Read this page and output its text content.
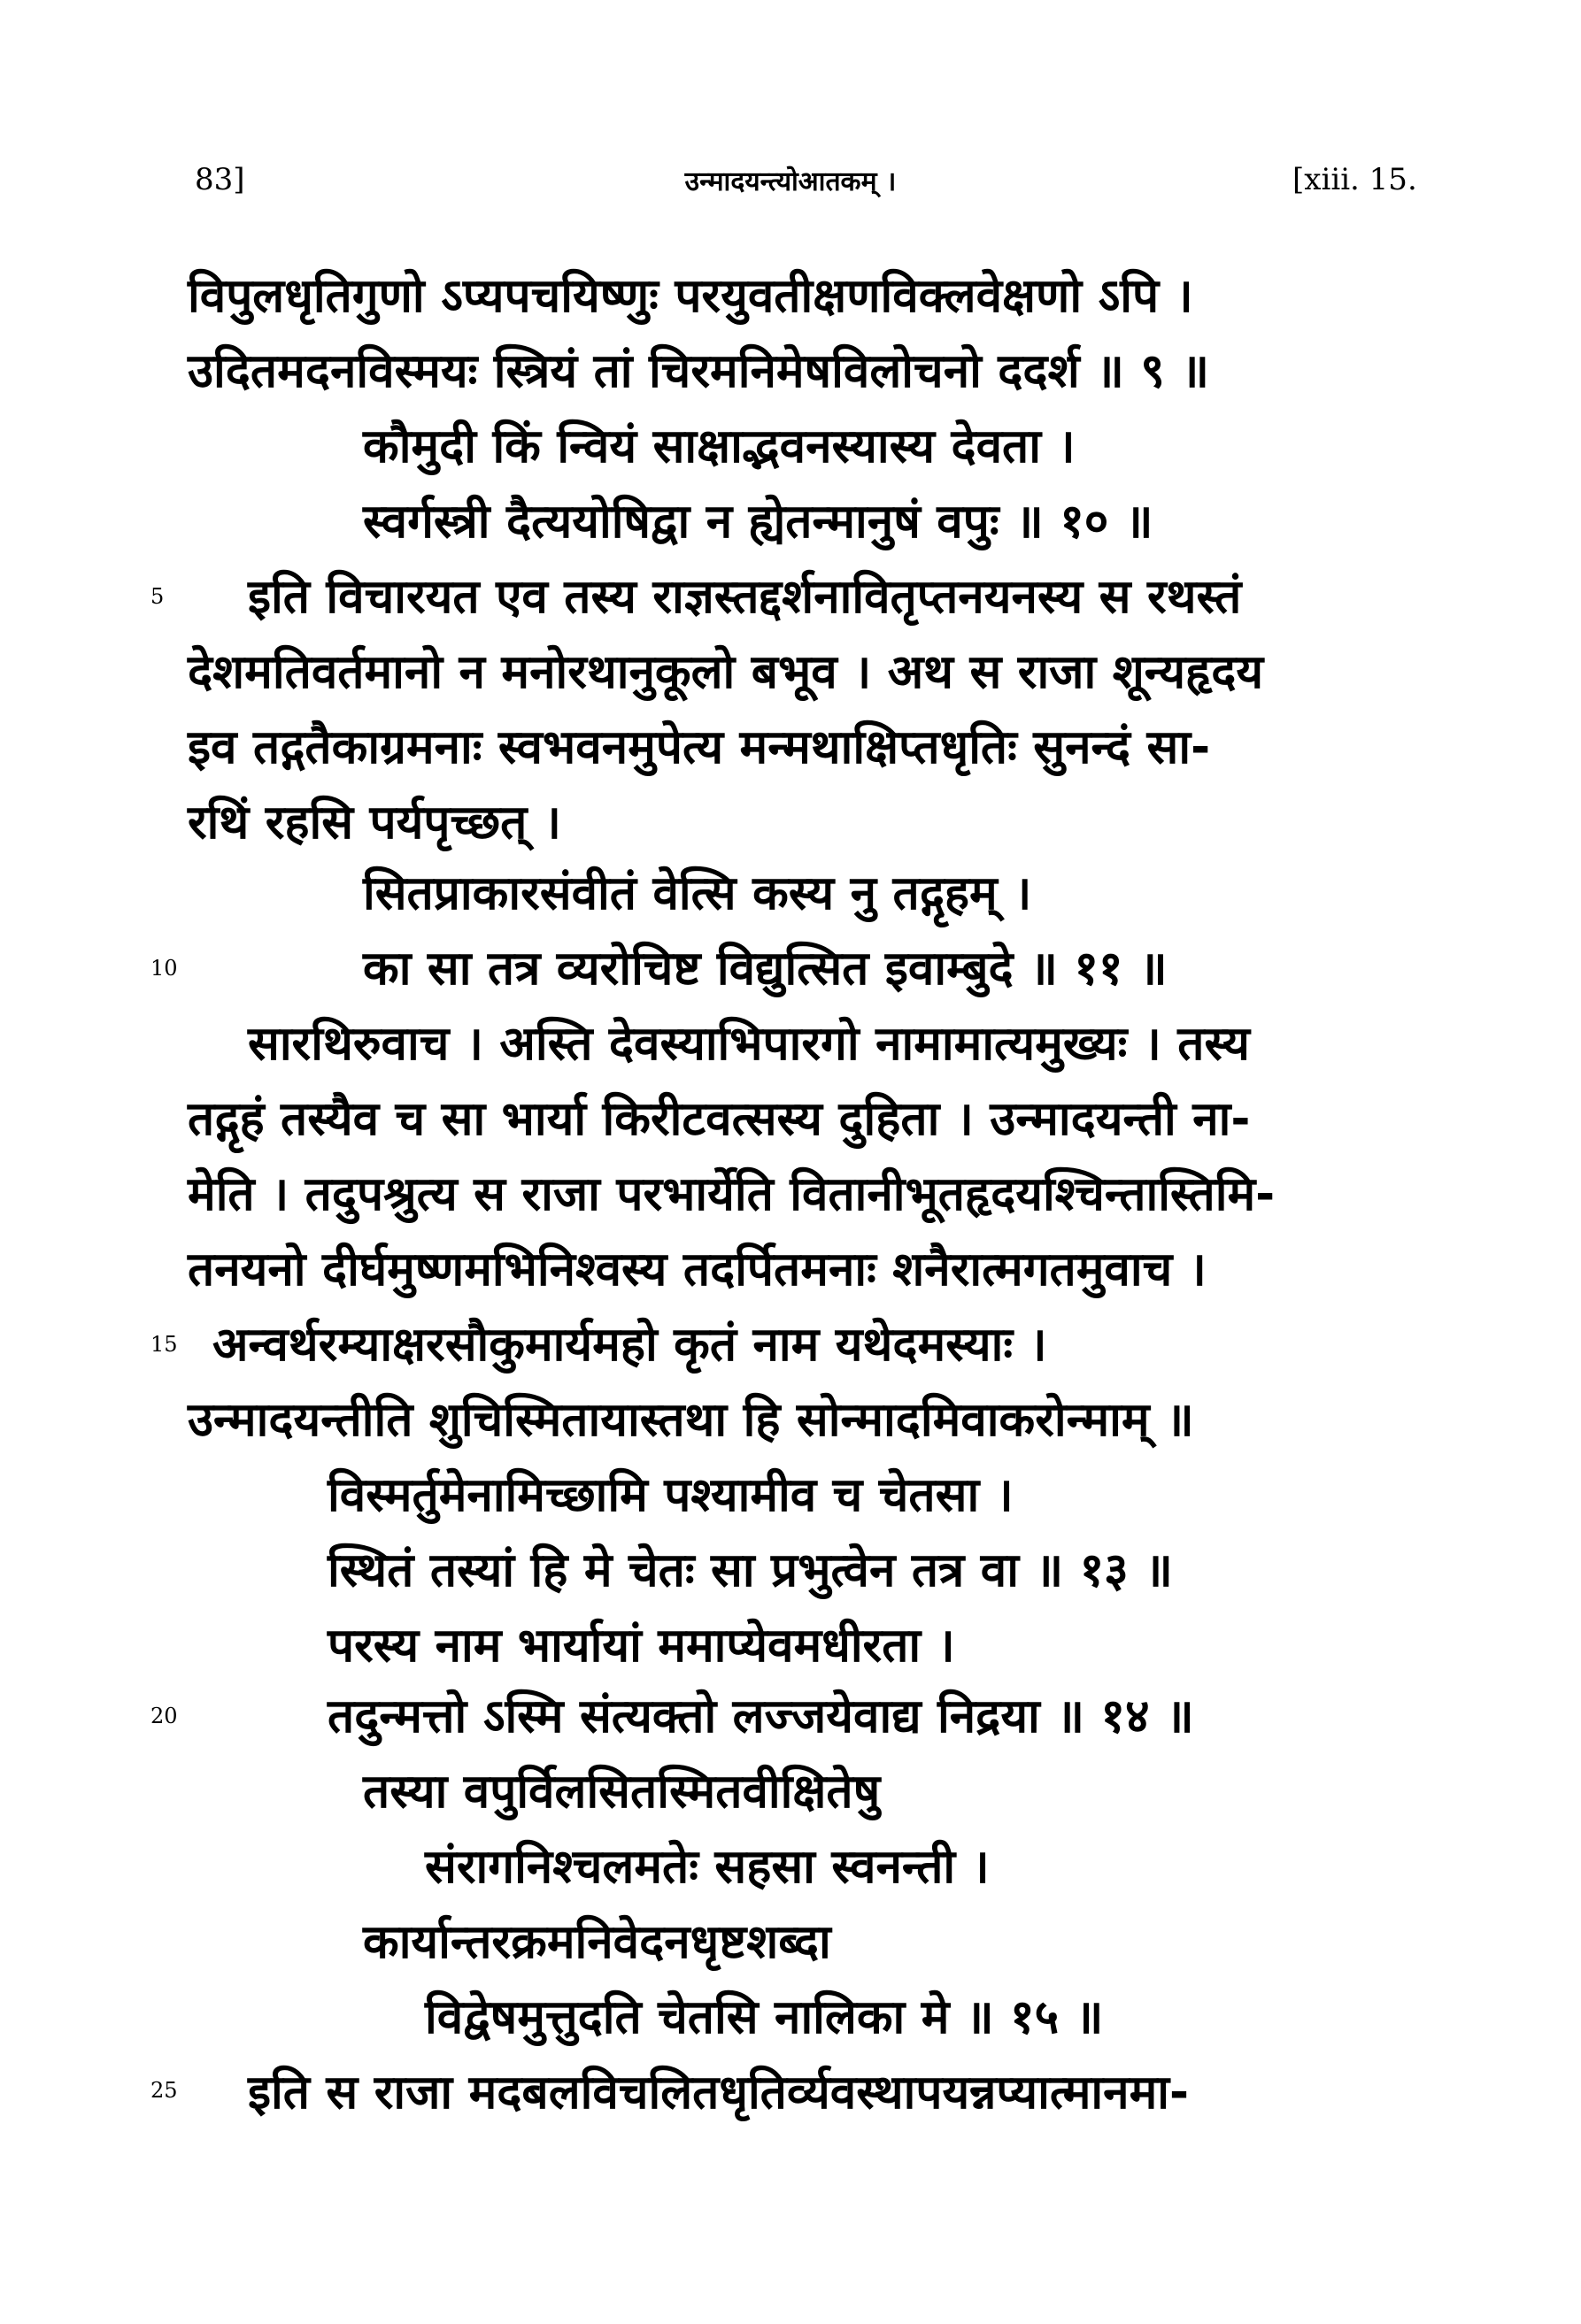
83]	उन्मादयन्त्योआतकम् ।	[xiii. 15.
5
10
15
20
25
विपुलधृतिगुणो ऽप्यपचयिष्णुः परयुवतीक्षणविक्लवेक्षणो ऽपि ।
उदितमदनविस्मयः स्त्रियं तां चिरमनिमेषविलोचनो ददर्श ॥ ९ ॥
कौमुदी किं न्वियं साक्षाद्भवनस्यास्य देवता ।
स्वर्गस्त्री दैत्ययोषिद्वा न ह्येतन्मानुषं वपुः ॥ १० ॥
इति विचारयत एव तस्य राज्ञस्तद्दर्शनावितृप्तनयनस्य स रथस्तं
देशमतिवर्तमानो न मनोरथानुकूलो बभूव । अथ स राजा शून्यहृदय
इव तद्गतैकाग्रमनाः स्वभवनमुपेत्य मन्मथाक्षिप्तधृतिः सुनन्दं सा-
रथिं रहसि पर्यपृच्छत् ।
सितप्राकारसंवीतं वेत्सि कस्य नु तद्गृहम् ।
का सा तत्र व्यरोचिष्ट विद्युत्सित इवाम्बुदे ॥ ११ ॥
सारथिरुवाच । अस्ति देवस्याभिपारगो नामामात्यमुख्यः । तस्य
तद्गृहं तस्यैव च सा भार्या किरीटवत्सस्य दुहिता । उन्मादयन्ती ना-
मेति । तदुपश्रुत्य स राजा परभार्येति वितानीभूतहृदयश्चिन्तास्तिमि-
तनयनो दीर्घमुष्णमभिनिश्वस्य तदर्पितमनाः शनैरात्मगतमुवाच ।
अन्वर्थरम्याक्षरसौकुमार्यमहो कृतं नाम यथेदमस्याः ।
उन्मादयन्तीति शुचिस्मितायास्तथा हि सोन्मादमिवाकरोन्माम् ॥
विस्मर्तुमेनामिच्छामि पश्यामीव च चेतसा ।
स्थितं तस्यां हि मे चेतः सा प्रभुत्वेन तत्र वा ॥ १३ ॥
परस्य नाम भार्यायां ममाप्येवमधीरता ।
तदुन्मत्तो ऽस्मि संत्यक्तो लज्जयेवाद्य निद्रया ॥ १४ ॥
तस्या वपुर्विलसितस्मितवीक्षितेषु
संरागनिश्चलमतेः सहसा स्वनन्ती ।
कार्यान्तरक्रमनिवेदनधृष्टशब्दा
विद्वेषमुत्तुदति चेतसि नालिका मे ॥ १५ ॥
इति स राजा मदबलविचलितधृतिर्व्यवस्थापयन्नप्यात्मानमा-
